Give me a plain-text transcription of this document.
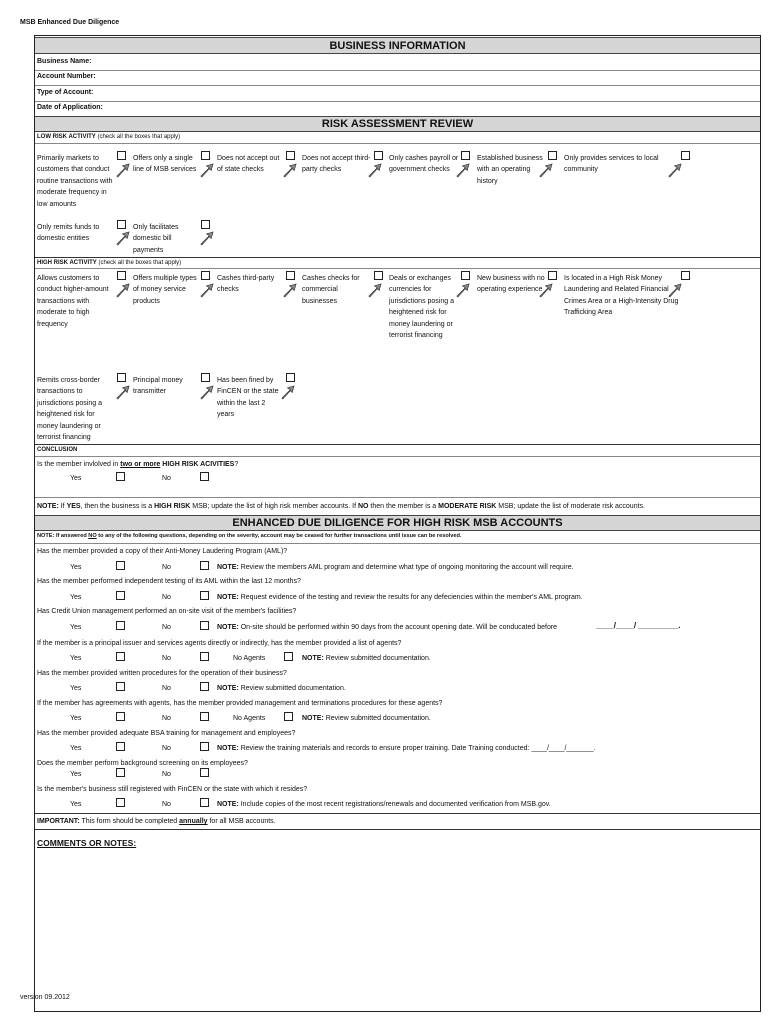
MSB Enhanced Due Diligence
version 09.2012
BUSINESS INFORMATION
Business Name:
Account Number:
Type of Account:
Date of Application:
RISK ASSESSMENT REVIEW
LOW RISK ACTIVITY (check all the boxes that apply)
Primarily markets to customers that conduct routine transactions with moderate frequency in low amounts
Offers only a single line of MSB services
Does not accept out of state checks
Does not accept third-party checks
Only cashes payroll or government checks
Established business with an operating history
Only provides services to local community
Only remits funds to domestic entities
Only facilitates domestic bill payments
HIGH RISK ACTIVITY (check all the boxes that apply)
Allows customers to conduct higher-amount transactions with moderate to high frequency
Offers multiple types of money service products
Cashes third-party checks
Cashes checks for commercial businesses
Deals or exchanges currencies for jurisdictions posing a heightened risk for money laundering or terrorist financing
New business with no operating experience
Is located in a High Risk Money Laundering and Related Financial Crimes Area or a High-Intensity Drug Trafficking Area
Remits cross-border transactions to jurisdictions posing a heightened risk for money laundering or terrorist financing
Principal money transmitter
Has been fined by FinCEN or the state within the last 2 years
CONCLUSION
Is the member invlolved in two or more HIGH RISK ACIVITIES?
Yes	No
NOTE: If YES, then the business is a HIGH RISK MSB; update the list of high risk member accounts. If NO then the member is a MODERATE RISK MSB; update the list of moderate risk accounts.
ENHANCED DUE DILIGENCE FOR HIGH RISK MSB ACCOUNTS
NOTE: If answered NO to any of the following questions, depending on the severity, account may be ceased for further transactions until issue can be resolved.
Has the member provided a copy of their Anti-Money Laudering Program (AML)?
Yes	No	NOTE: Review the members AML program and determine what type of ongoing monitoring the account will require.
Has the member performed independent testing of its AML within the last 12 months?
Yes	No	NOTE: Request evidence of the testing and review the results for any defeciencies within the member's AML program.
Has Credit Union management performed an on-site visit of the member's facilities?
Yes	No	NOTE: On-site should be performed within 90 days from the account opening date. Will be conducated before	____/____/ _________.
If the member is a principal issuer and services agents directly or indirectly, has the member provided a list of agents?
Yes	No	No Agents	NOTE: Review submitted documentation.
Has the member provided written procedures for the operation of their business?
Yes	No	NOTE: Review submitted documentation.
If the member has agreements with agents, has the member provided management and terminations procedures for these agents?
Yes	No	No Agents	NOTE: Review submitted documentation.
Has the member provided adequate BSA training for management and employees?
Yes	No	NOTE: Review the training materials and records to ensure proper training. Date Training conducted: ____/____/_______.
Does the member perform background screening on its employees?
Yes	No
Is the member's business still registered with FinCEN or the state with which it resides?
Yes	No	NOTE: Include copies of the most recent registrations/renewals and documented verification from MSB.gov.
IMPORTANT: This form should be completed annually for all MSB accounts.
COMMENTS OR NOTES:
